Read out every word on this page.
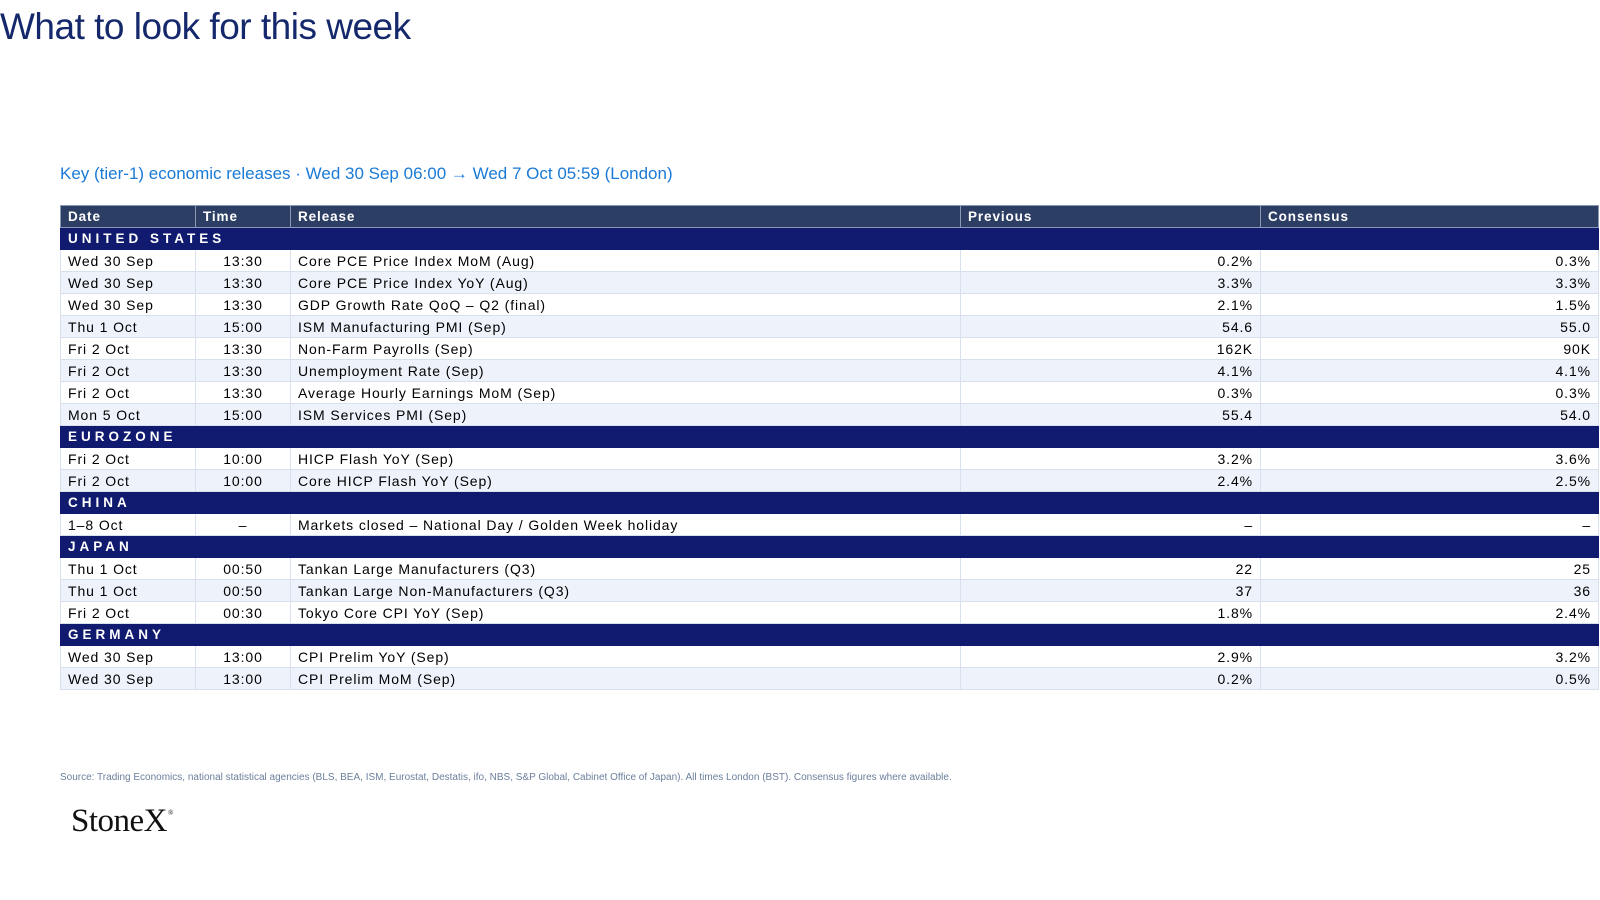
What to look for this week
Key (tier-1) economic releases · Wed 30 Sep 06:00 → Wed 7 Oct 05:59 (London)
Date	Time	Release	Previous	Consensus
UNITED STATES				
Wed 30 Sep	13:30	Core PCE Price Index MoM (Aug)	0.2%	0.3%
Wed 30 Sep	13:30	Core PCE Price Index YoY (Aug)	3.3%	3.3%
Wed 30 Sep	13:30	GDP Growth Rate QoQ – Q2 (final)	2.1%	1.5%
Thu 1 Oct	15:00	ISM Manufacturing PMI (Sep)	54.6	55.0
Fri 2 Oct	13:30	Non-Farm Payrolls (Sep)	162K	90K
Fri 2 Oct	13:30	Unemployment Rate (Sep)	4.1%	4.1%
Fri 2 Oct	13:30	Average Hourly Earnings MoM (Sep)	0.3%	0.3%
Mon 5 Oct	15:00	ISM Services PMI (Sep)	55.4	54.0
EUROZONE				
Fri 2 Oct	10:00	HICP Flash YoY (Sep)	3.2%	3.6%
Fri 2 Oct	10:00	Core HICP Flash YoY (Sep)	2.4%	2.5%
CHINA				
1–8 Oct	–	Markets closed – National Day / Golden Week holiday	–	–
JAPAN				
Thu 1 Oct	00:50	Tankan Large Manufacturers (Q3)	22	25
Thu 1 Oct	00:50	Tankan Large Non-Manufacturers (Q3)	37	36
Fri 2 Oct	00:30	Tokyo Core CPI YoY (Sep)	1.8%	2.4%
GERMANY				
Wed 30 Sep	13:00	CPI Prelim YoY (Sep)	2.9%	3.2%
Wed 30 Sep	13:00	CPI Prelim MoM (Sep)	0.2%	0.5%
Source: Trading Economics, national statistical agencies (BLS, BEA, ISM, Eurostat, Destatis, ifo, NBS, S&P Global, Cabinet Office of Japan). All times London (BST). Consensus figures where available.
StoneX®
